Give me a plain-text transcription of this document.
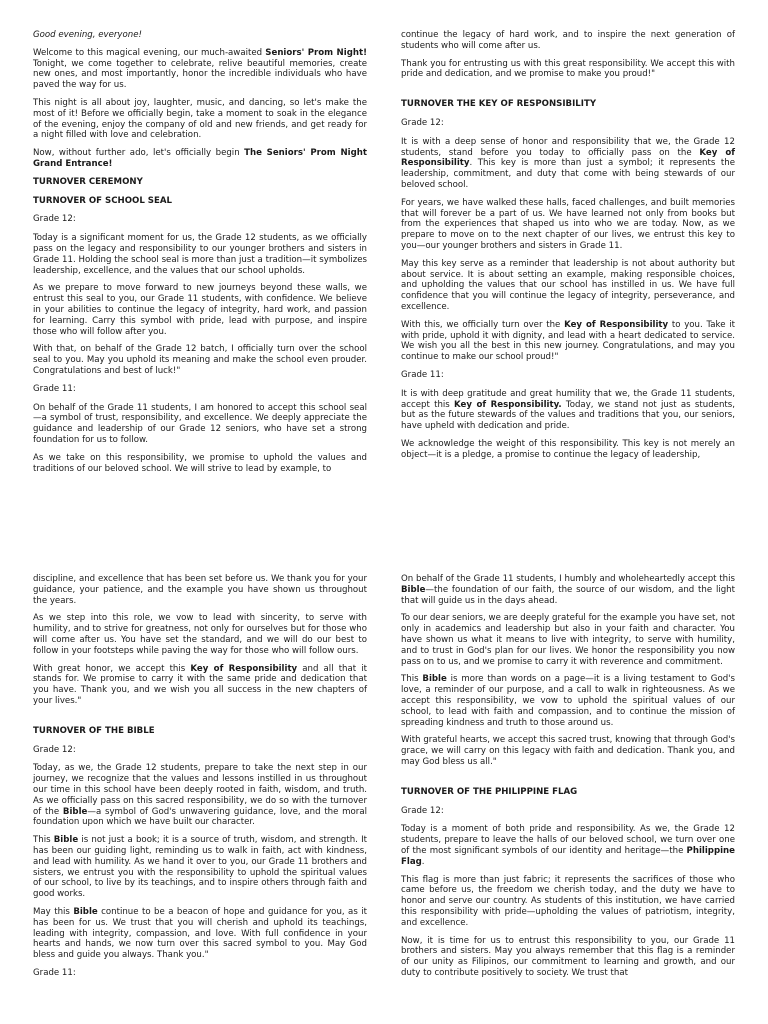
Good evening, everyone!
Welcome to this magical evening, our much-awaited Seniors' Prom Night! Tonight, we come together to celebrate, relive beautiful memories, create new ones, and most importantly, honor the incredible individuals who have paved the way for us.
This night is all about joy, laughter, music, and dancing, so let's make the most of it! Before we officially begin, take a moment to soak in the elegance of the evening, enjoy the company of old and new friends, and get ready for a night filled with love and celebration.
Now, without further ado, let's officially begin The Seniors' Prom Night Grand Entrance!
TURNOVER CEREMONY
TURNOVER OF SCHOOL SEAL
Grade 12:
Today is a significant moment for us, the Grade 12 students, as we officially pass on the legacy and responsibility to our younger brothers and sisters in Grade 11. Holding the school seal is more than just a tradition—it symbolizes leadership, excellence, and the values that our school upholds.
As we prepare to move forward to new journeys beyond these walls, we entrust this seal to you, our Grade 11 students, with confidence. We believe in your abilities to continue the legacy of integrity, hard work, and passion for learning. Carry this symbol with pride, lead with purpose, and inspire those who will follow after you.
With that, on behalf of the Grade 12 batch, I officially turn over the school seal to you. May you uphold its meaning and make the school even prouder. Congratulations and best of luck!"
Grade 11:
On behalf of the Grade 11 students, I am honored to accept this school seal—a symbol of trust, responsibility, and excellence. We deeply appreciate the guidance and leadership of our Grade 12 seniors, who have set a strong foundation for us to follow.
As we take on this responsibility, we promise to uphold the values and traditions of our beloved school. We will strive to lead by example, to
continue the legacy of hard work, and to inspire the next generation of students who will come after us.
Thank you for entrusting us with this great responsibility. We accept this with pride and dedication, and we promise to make you proud!"
TURNOVER THE KEY OF RESPONSIBILITY
Grade 12:
It is with a deep sense of honor and responsibility that we, the Grade 12 students, stand before you today to officially pass on the Key of Responsibility. This key is more than just a symbol; it represents the leadership, commitment, and duty that come with being stewards of our beloved school.
For years, we have walked these halls, faced challenges, and built memories that will forever be a part of us. We have learned not only from books but from the experiences that shaped us into who we are today. Now, as we prepare to move on to the next chapter of our lives, we entrust this key to you—our younger brothers and sisters in Grade 11.
May this key serve as a reminder that leadership is not about authority but about service. It is about setting an example, making responsible choices, and upholding the values that our school has instilled in us. We have full confidence that you will continue the legacy of integrity, perseverance, and excellence.
With this, we officially turn over the Key of Responsibility to you. Take it with pride, uphold it with dignity, and lead with a heart dedicated to service. We wish you all the best in this new journey. Congratulations, and may you continue to make our school proud!"
Grade 11:
It is with deep gratitude and great humility that we, the Grade 11 students, accept this Key of Responsibility. Today, we stand not just as students, but as the future stewards of the values and traditions that you, our seniors, have upheld with dedication and pride.
We acknowledge the weight of this responsibility. This key is not merely an object—it is a pledge, a promise to continue the legacy of leadership,
discipline, and excellence that has been set before us. We thank you for your guidance, your patience, and the example you have shown us throughout the years.
As we step into this role, we vow to lead with sincerity, to serve with humility, and to strive for greatness, not only for ourselves but for those who will come after us. You have set the standard, and we will do our best to follow in your footsteps while paving the way for those who will follow ours.
With great honor, we accept this Key of Responsibility and all that it stands for. We promise to carry it with the same pride and dedication that you have. Thank you, and we wish you all success in the new chapters of your lives."
TURNOVER OF THE BIBLE
Grade 12:
Today, as we, the Grade 12 students, prepare to take the next step in our journey, we recognize that the values and lessons instilled in us throughout our time in this school have been deeply rooted in faith, wisdom, and truth. As we officially pass on this sacred responsibility, we do so with the turnover of the Bible—a symbol of God's unwavering guidance, love, and the moral foundation upon which we have built our character.
This Bible is not just a book; it is a source of truth, wisdom, and strength. It has been our guiding light, reminding us to walk in faith, act with kindness, and lead with humility. As we hand it over to you, our Grade 11 brothers and sisters, we entrust you with the responsibility to uphold the spiritual values of our school, to live by its teachings, and to inspire others through faith and good works.
May this Bible continue to be a beacon of hope and guidance for you, as it has been for us. We trust that you will cherish and uphold its teachings, leading with integrity, compassion, and love. With full confidence in your hearts and hands, we now turn over this sacred symbol to you. May God bless and guide you always. Thank you."
Grade 11:
On behalf of the Grade 11 students, I humbly and wholeheartedly accept this Bible—the foundation of our faith, the source of our wisdom, and the light that will guide us in the days ahead.
To our dear seniors, we are deeply grateful for the example you have set, not only in academics and leadership but also in your faith and character. You have shown us what it means to live with integrity, to serve with humility, and to trust in God's plan for our lives. We honor the responsibility you now pass on to us, and we promise to carry it with reverence and commitment.
This Bible is more than words on a page—it is a living testament to God's love, a reminder of our purpose, and a call to walk in righteousness. As we accept this responsibility, we vow to uphold the spiritual values of our school, to lead with faith and compassion, and to continue the mission of spreading kindness and truth to those around us.
With grateful hearts, we accept this sacred trust, knowing that through God's grace, we will carry on this legacy with faith and dedication. Thank you, and may God bless us all."
TURNOVER OF THE PHILIPPINE FLAG
Grade 12:
Today is a moment of both pride and responsibility. As we, the Grade 12 students, prepare to leave the halls of our beloved school, we turn over one of the most significant symbols of our identity and heritage—the Philippine Flag.
This flag is more than just fabric; it represents the sacrifices of those who came before us, the freedom we cherish today, and the duty we have to honor and serve our country. As students of this institution, we have carried this responsibility with pride—upholding the values of patriotism, integrity, and excellence.
Now, it is time for us to entrust this responsibility to you, our Grade 11 brothers and sisters. May you always remember that this flag is a reminder of our unity as Filipinos, our commitment to learning and growth, and our duty to contribute positively to society. We trust that
